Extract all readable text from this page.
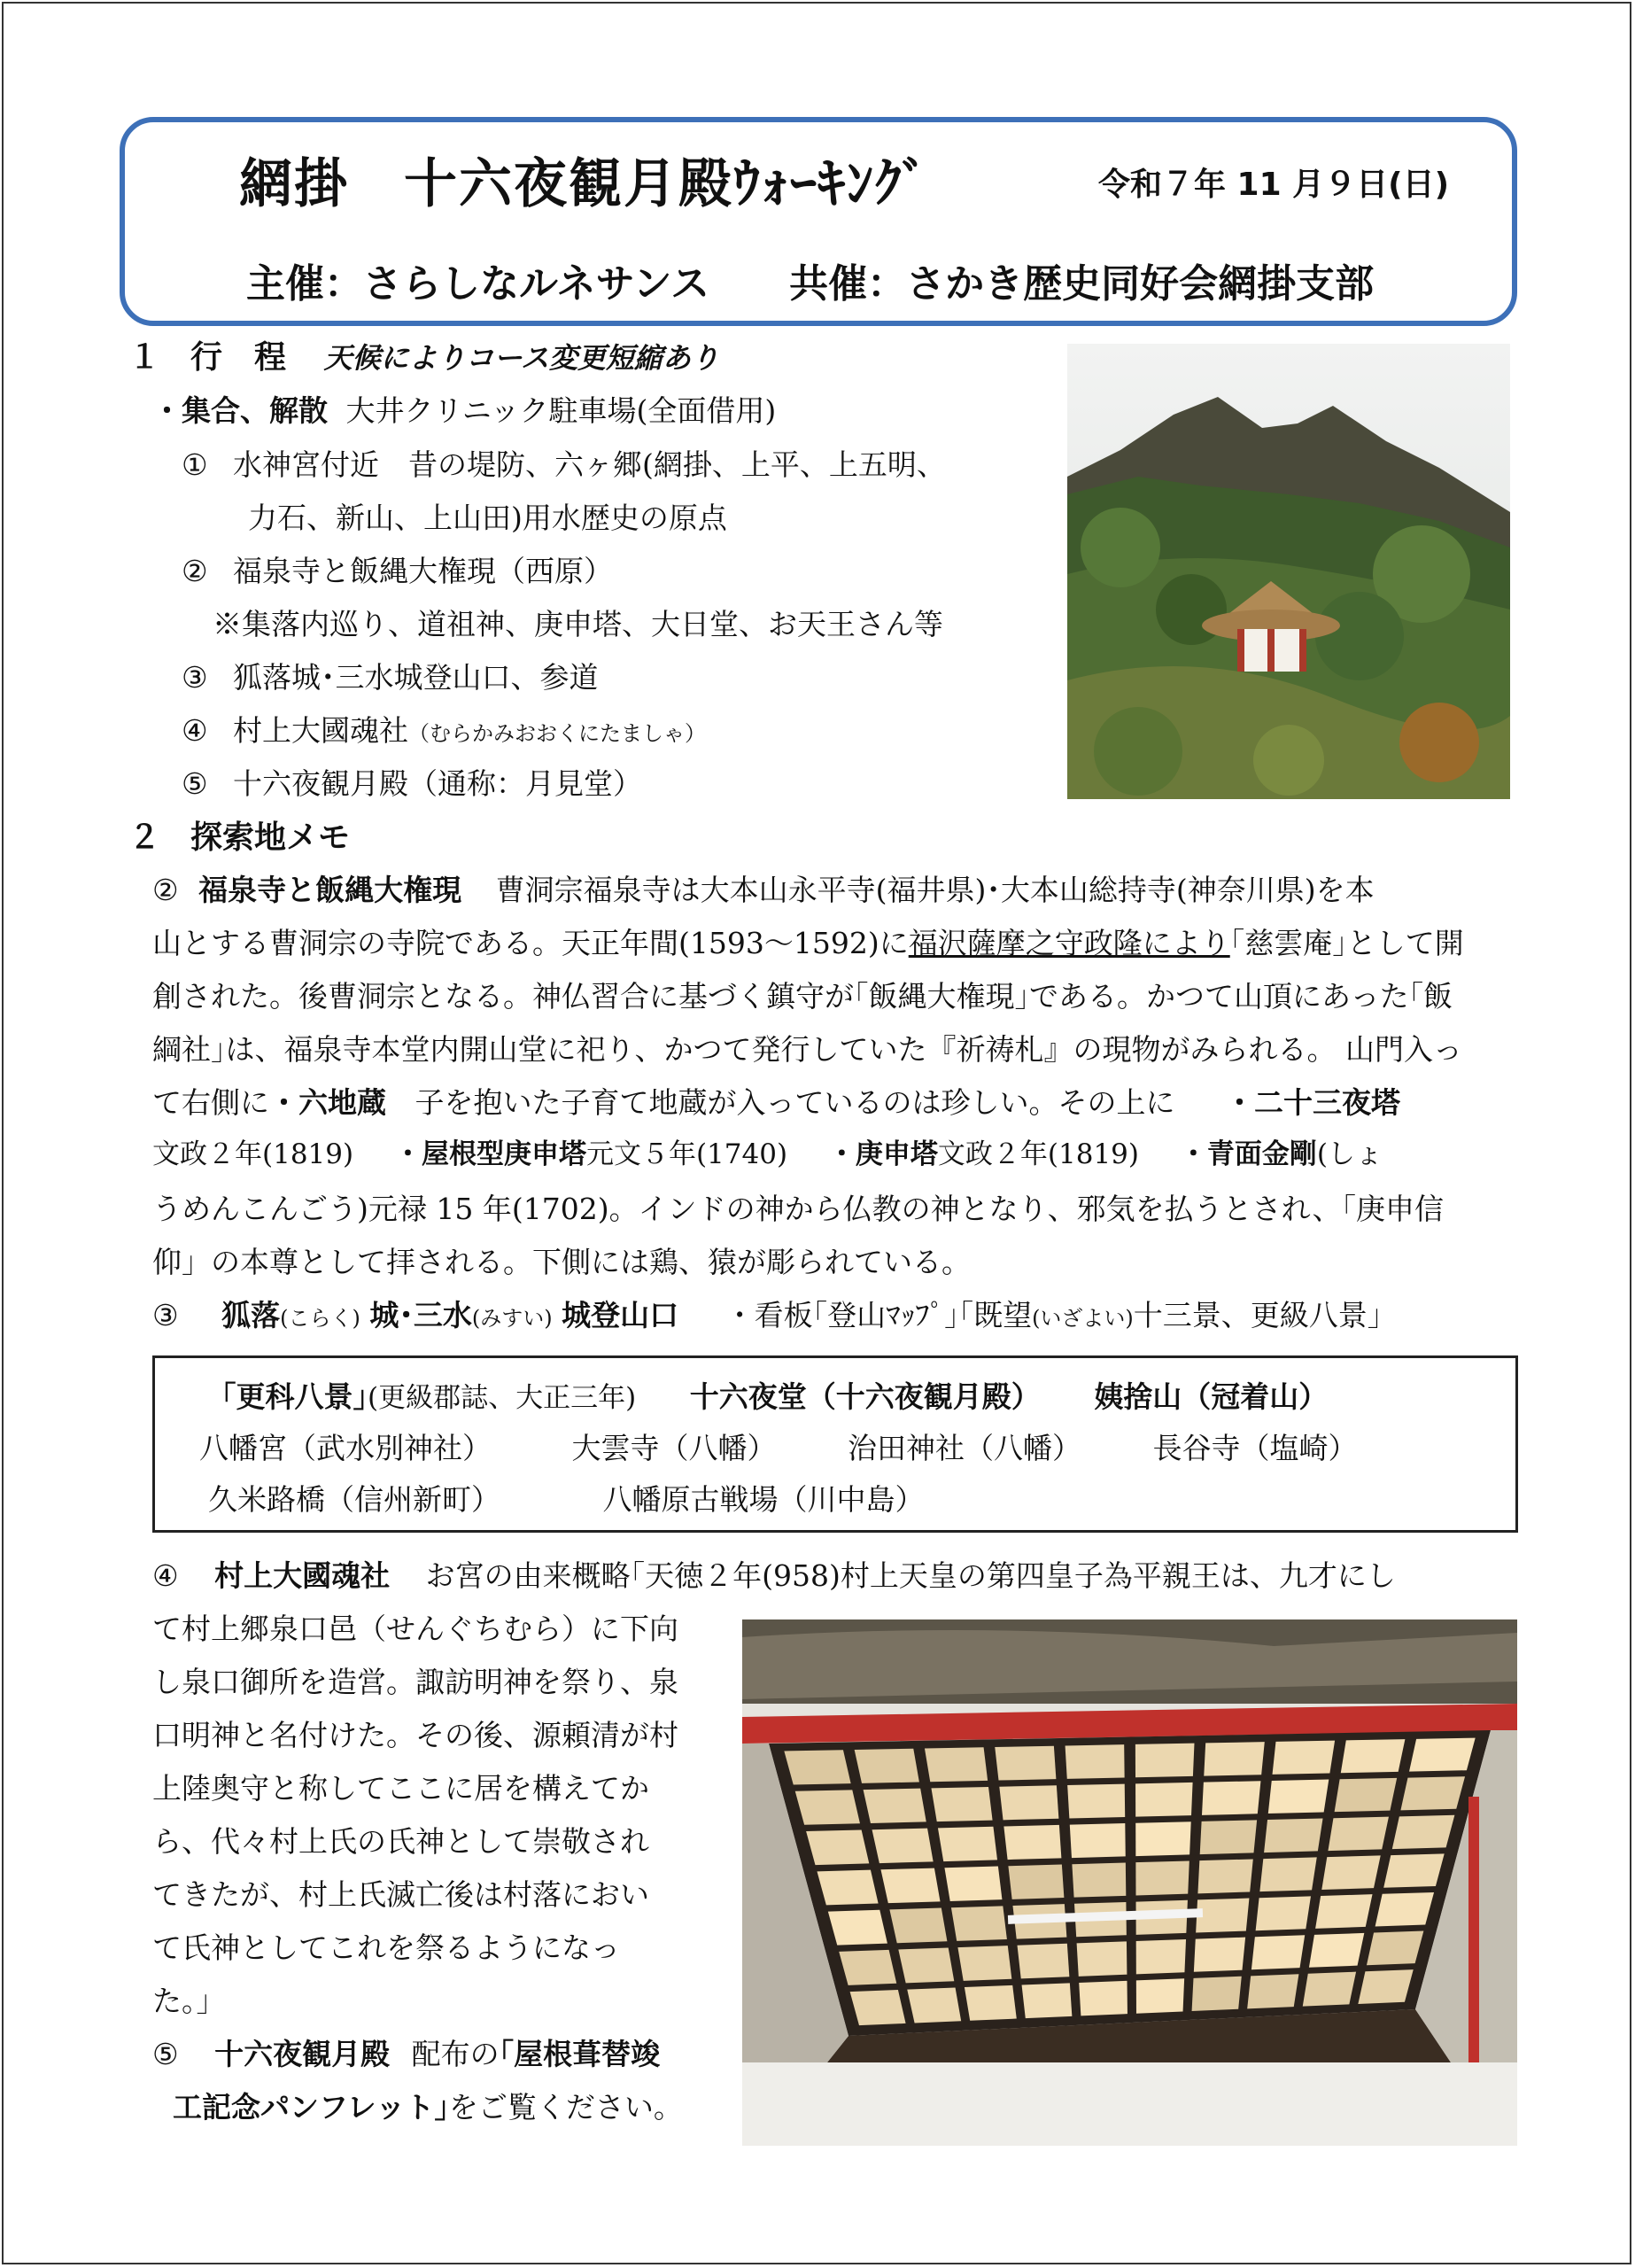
網掛　十六夜観月殿ｳｫｰｷﾝｸﾞ	令和７年 11 月９日(日)
主催：さらしなルネサンス 共催：さかき歴史同好会網掛支部
１ 行　程 天候によりコース変更短縮あり
・集合、解散 大井クリニック駐車場(全面借用)
① 水神宮付近　昔の堤防、六ヶ郷(網掛、上平、上五明、
力石、新山、上山田)用水歴史の原点
② 福泉寺と飯縄大権現（西原）
※集落内巡り、道祖神、庚申塔、大日堂、お天王さん等
③ 狐落城･三水城登山口、参道
④ 村上大國魂社（むらかみおおくにたましゃ）
⑤ 十六夜観月殿（通称：月見堂）
２ 探索地メモ
② 福泉寺と飯縄大権現 曹洞宗福泉寺は大本山永平寺(福井県)･大本山総持寺(神奈川県)を本
山とする曹洞宗の寺院である。天正年間(1593～1592)に福沢薩摩之守政隆により｢慈雲庵｣として開
創された。後曹洞宗となる。神仏習合に基づく鎮守が｢飯縄大権現｣である。かつて山頂にあった｢飯
綱社｣は、福泉寺本堂内開山堂に祀り、かつて発行していた『祈祷札』の現物がみられる。 山門入っ
て右側に・六地蔵 子を抱いた子育て地蔵が入っているのは珍しい。その上に ・二十三夜塔
文政２年(1819) ・屋根型庚申塔元文５年(1740) ・庚申塔文政２年(1819) ・青面金剛(しょ
うめんこんごう)元禄 15 年(1702)。インドの神から仏教の神となり、邪気を払うとされ、｢庚申信
仰」の本尊として拝される。下側には鶏、猿が彫られている。
③ 狐落(こらく) 城･三水(みすい) 城登山口 ・看板｢登山ﾏｯﾌﾟ｣｢既望(いざよい)十三景、更級八景｣
｢更科八景｣(更級郡誌、大正三年) 十六夜堂（十六夜観月殿） 姨捨山（冠着山）
八幡宮（武水別神社）	大雲寺（八幡） 治田神社（八幡） 長谷寺（塩崎）
久米路橋（信州新町）	八幡原古戦場（川中島）
④ 村上大國魂社 お宮の由来概略｢天徳２年(958)村上天皇の第四皇子為平親王は、九才にし
て村上郷泉口邑（せんぐちむら）に下向
し泉口御所を造営。諏訪明神を祭り、泉
口明神と名付けた。その後、源頼清が村
上陸奥守と称してここに居を構えてか
ら、代々村上氏の氏神として崇敬され
てきたが、村上氏滅亡後は村落におい
て氏神としてこれを祭るようになっ
た。｣
⑤ 十六夜観月殿 配布の｢屋根葺替竣
工記念パンフレット｣をご覧ください。
